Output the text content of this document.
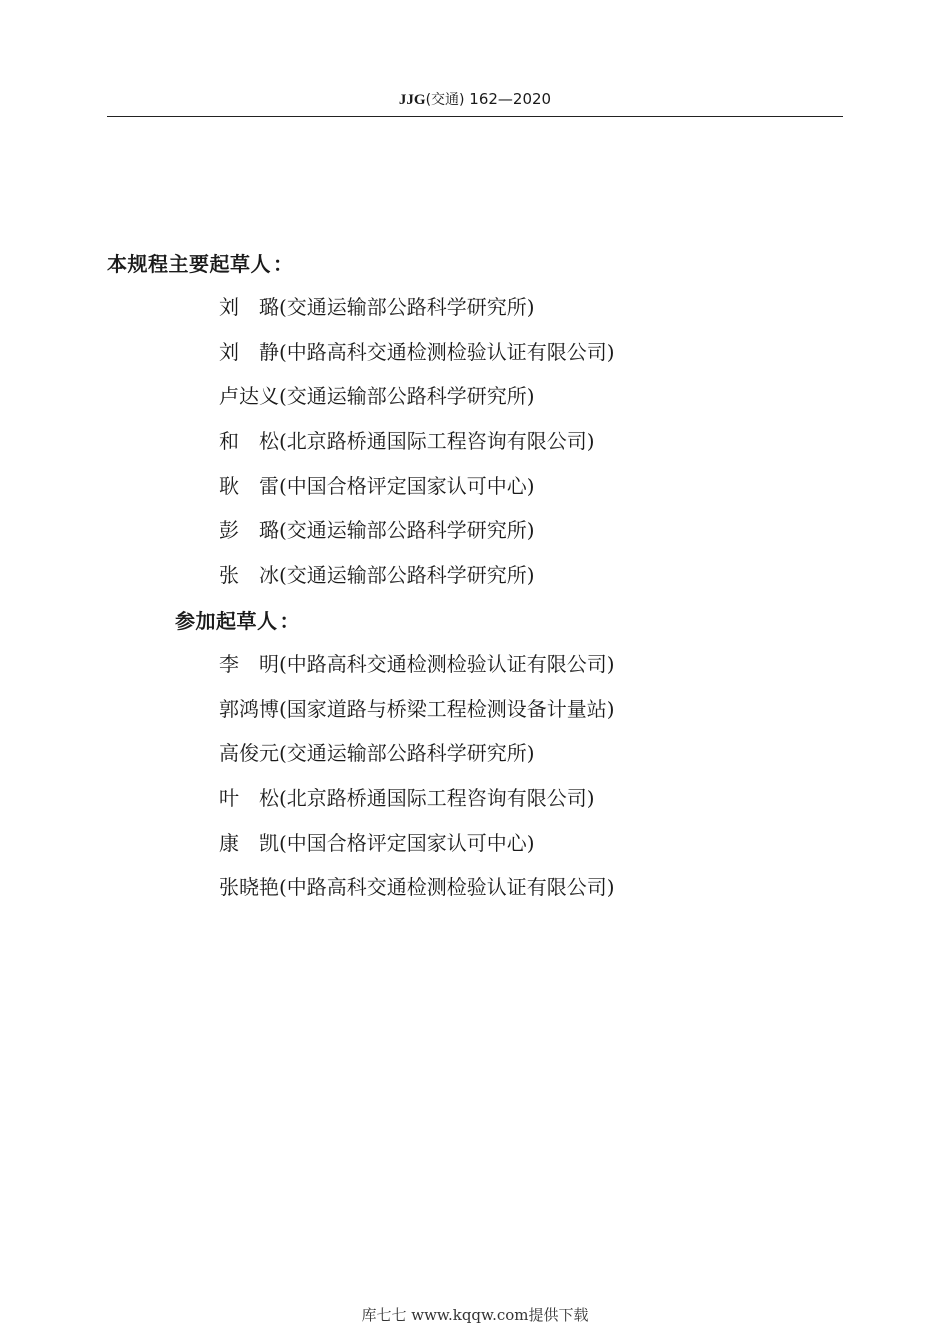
JJG(交通) 162—2020
本规程主要起草人 ：
刘　璐(交通运输部公路科学研究所)
刘　静(中路高科交通检测检验认证有限公司)
卢达义(交通运输部公路科学研究所)
和　松(北京路桥通国际工程咨询有限公司)
耿　雷(中国合格评定国家认可中心)
彭　璐(交通运输部公路科学研究所)
张　冰(交通运输部公路科学研究所)
参加起草人 ：
李　明(中路高科交通检测检验认证有限公司)
郭鸿博(国家道路与桥梁工程检测设备计量站)
高俊元(交通运输部公路科学研究所)
叶　松(北京路桥通国际工程咨询有限公司)
康　凯(中国合格评定国家认可中心)
张晓艳(中路高科交通检测检验认证有限公司)
库七七 www.kqqw.com提供下载
